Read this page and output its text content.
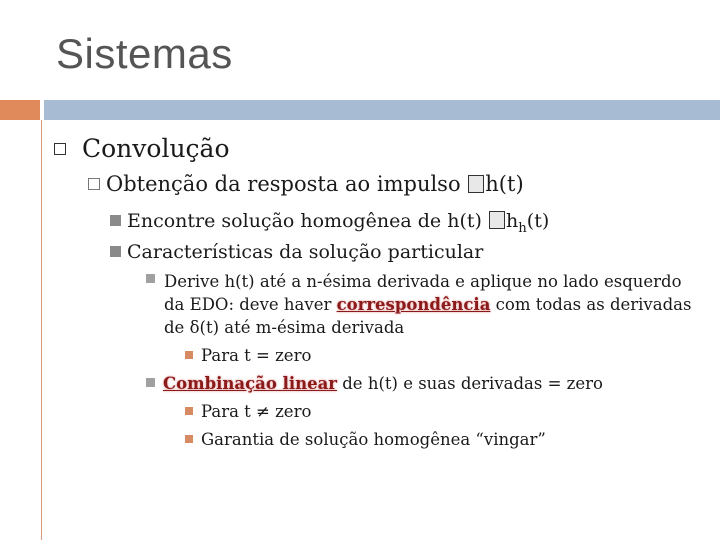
Sistemas
Convolução
Obtenção da resposta ao impulso h(t)
Encontre solução homogênea de h(t) $h_h(t)$
Características da solução particular
Derive h(t) até a n-ésima derivada e aplique no lado esquerdo da EDO: deve haver correspondência com todas as derivadas de δ(t) até m-ésima derivada
Para t = zero
Combinação linear de h(t) e suas derivadas = zero
Para t ≠ zero
Garantia de solução homogênea “vingar”
